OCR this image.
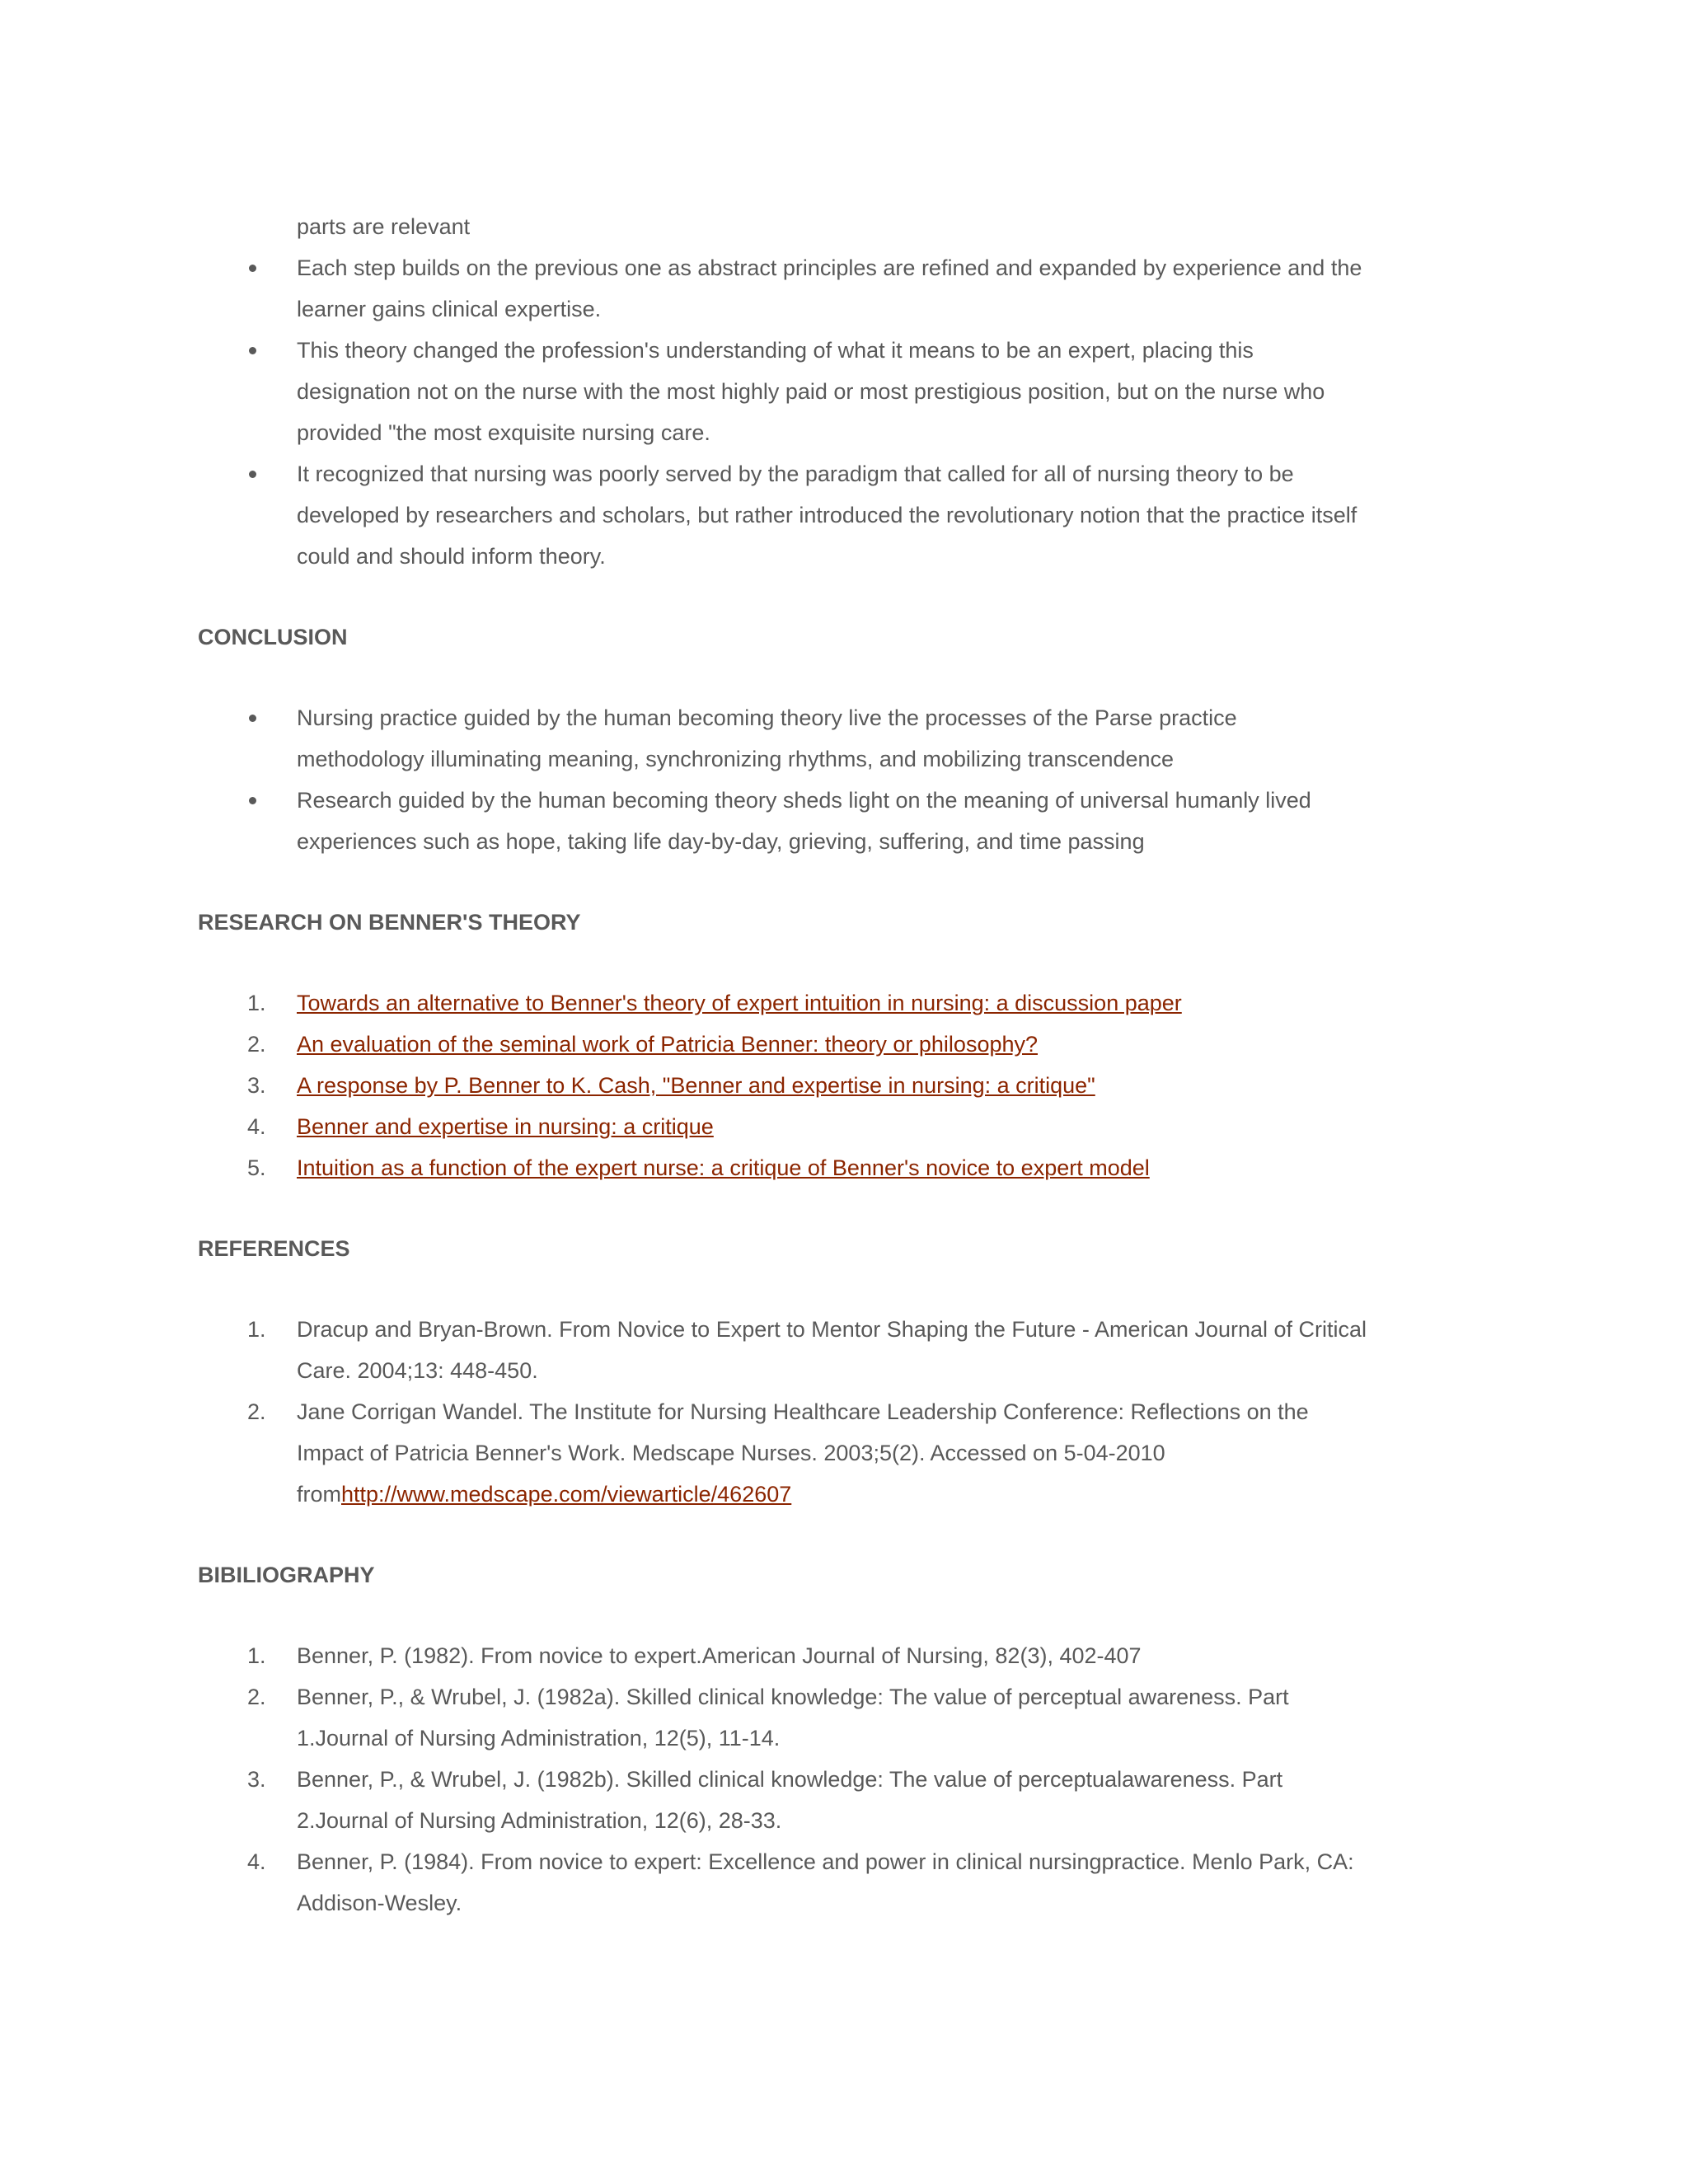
parts are relevant
Each step builds on the previous one as abstract principles are refined and expanded by experience and the learner gains clinical expertise.
This theory changed the profession's understanding of what it means to be an expert, placing this designation not on the nurse with the most highly paid or most prestigious position, but on the nurse who provided "the most exquisite nursing care.
It recognized that nursing was poorly served by the paradigm that called for all of nursing theory to be developed by researchers and scholars, but rather introduced the revolutionary notion that the practice itself could and should inform theory.
CONCLUSION
Nursing practice guided by the human becoming theory live the processes of the Parse practice methodology illuminating meaning, synchronizing rhythms, and mobilizing transcendence
Research guided by the human becoming theory sheds light on the meaning of universal humanly lived experiences such as hope, taking life day-by-day, grieving, suffering, and time passing
RESEARCH ON BENNER'S THEORY
1. Towards an alternative to Benner's theory of expert intuition in nursing: a discussion paper
2. An evaluation of the seminal work of Patricia Benner: theory or philosophy?
3. A response by P. Benner to K. Cash, "Benner and expertise in nursing: a critique"
4. Benner and expertise in nursing: a critique
5. Intuition as a function of the expert nurse: a critique of Benner's novice to expert model
REFERENCES
1. Dracup and Bryan-Brown. From Novice to Expert to Mentor Shaping the Future - American Journal of Critical Care. 2004;13: 448-450.
2. Jane Corrigan Wandel. The Institute for Nursing Healthcare Leadership Conference: Reflections on the Impact of Patricia Benner's Work. Medscape Nurses. 2003;5(2). Accessed on 5-04-2010
fromhttp://www.medscape.com/viewarticle/462607
BIBILIOGRAPHY
1. Benner, P. (1982). From novice to expert.American Journal of Nursing, 82(3), 402-407
2. Benner, P., & Wrubel, J. (1982a). Skilled clinical knowledge: The value of perceptual awareness. Part 1.Journal of Nursing Administration, 12(5), 11-14.
3. Benner, P., & Wrubel, J. (1982b). Skilled clinical knowledge: The value of perceptualawareness. Part 2.Journal of Nursing Administration, 12(6), 28-33.
4. Benner, P. (1984). From novice to expert: Excellence and power in clinical nursingpractice. Menlo Park, CA: Addison-Wesley.
